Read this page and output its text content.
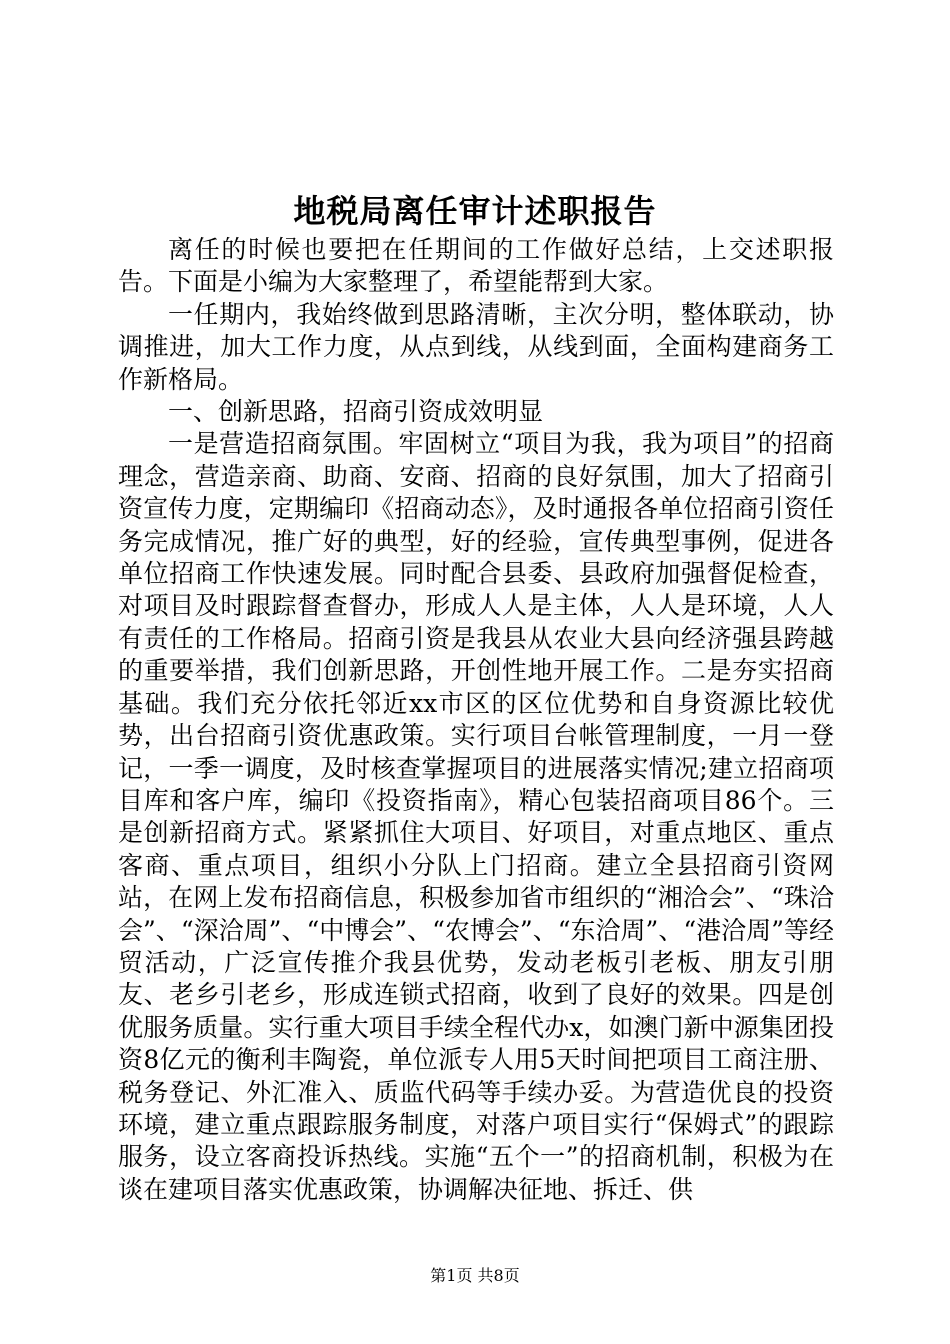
地税局离任审计述职报告

离任的时候也要把在任期间的工作做好总结，上交述职报告。下面是小编为大家整理了，希望能帮到大家。

一任期内，我始终做到思路清晰，主次分明，整体联动，协调推进，加大工作力度，从点到线，从线到面，全面构建商务工作新格局。

一、创新思路，招商引资成效明显

一是营造招商氛围。牢固树立“项目为我，我为项目”的招商理念，营造亲商、助商、安商、招商的良好氛围，加大了招商引资宣传力度，定期编印《招商动态》，及时通报各单位招商引资任务完成情况，推广好的典型，好的经验，宣传典型事例，促进各单位招商工作快速发展。同时配合县委、县政府加强督促检查，对项目及时跟踪督查督办，形成人人是主体，人人是环境，人人有责任的工作格局。招商引资是我县从农业大县向经济强县跨越的重要举措，我们创新思路，开创性地开展工作。二是夯实招商基础。我们充分依托邻近xx市区的区位优势和自身资源比较优势，出台招商引资优惠政策。实行项目台帐管理制度，一月一登记，一季一调度，及时核查掌握项目的进展落实情况;建立招商项目库和客户库，编印《投资指南》，精心包装招商项目86个。三是创新招商方式。紧紧抓住大项目、好项目，对重点地区、重点客商、重点项目，组织小分队上门招商。建立全县招商引资网站，在网上发布招商信息，积极参加省市组织的“湘洽会”、“珠洽会”、“深洽周”、“中博会”、“农博会”、“东洽周”、“港洽周”等经贸活动，广泛宣传推介我县优势，发动老板引老板、朋友引朋友、老乡引老乡，形成连锁式招商，收到了良好的效果。四是创优服务质量。实行重大项目手续全程代办x，如澳门新中源集团投资8亿元的衡利丰陶瓷，单位派专人用5天时间把项目工商注册、税务登记、外汇准入、质监代码等手续办妥。为营造优良的投资环境，建立重点跟踪服务制度，对落户项目实行“保姆式”的跟踪服务，设立客商投诉热线。实施“五个一”的招商机制，积极为在谈在建项目落实优惠政策，协调解决征地、拆迁、供

第1页 共8页
